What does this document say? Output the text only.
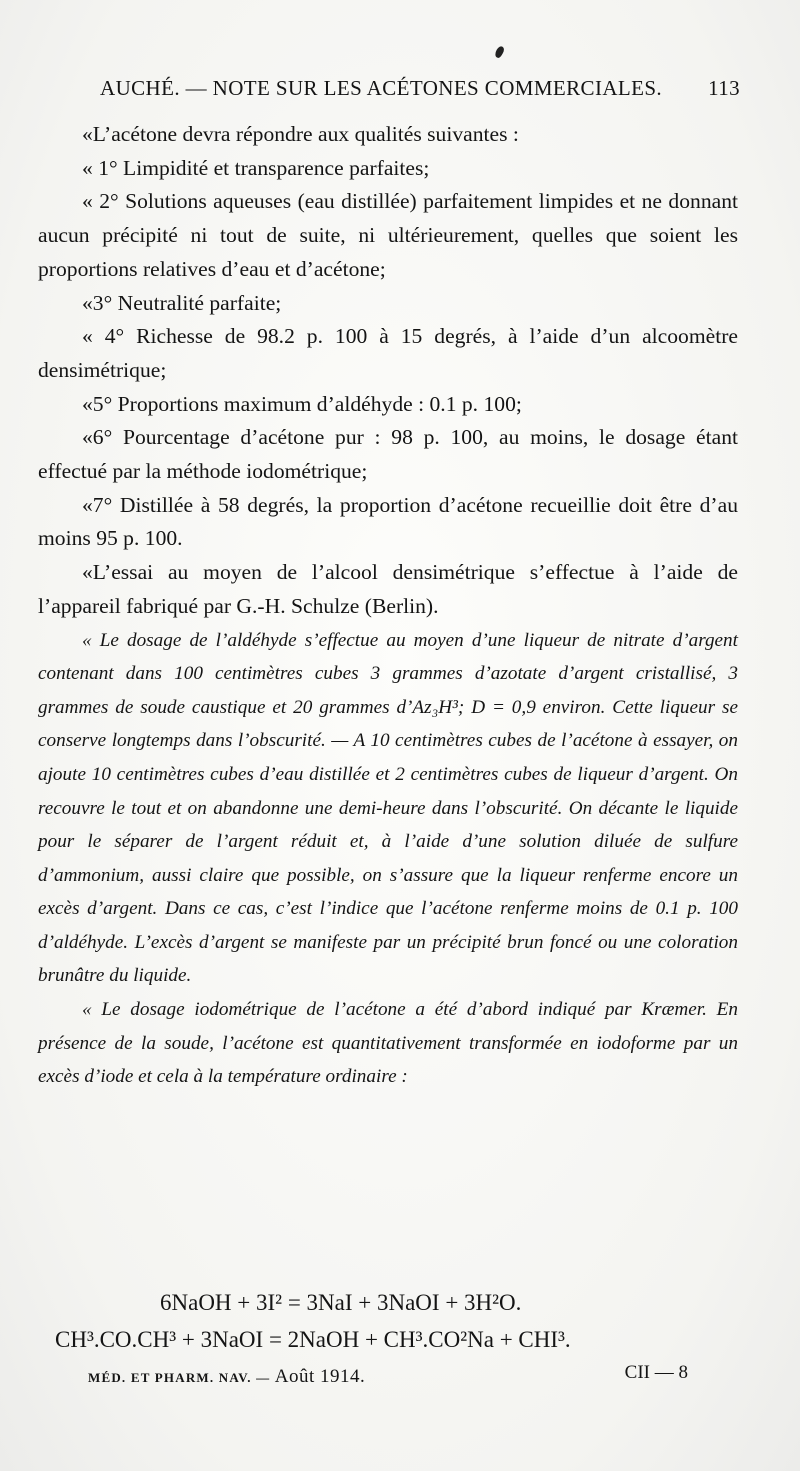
AUCHÉ. — NOTE SUR LES ACÉTONES COMMERCIALES. 113

«L’acétone devra répondre aux qualités suivantes :

« 1° Limpidité et transparence parfaites;

« 2° Solutions aqueuses (eau distillée) parfaitement limpides et ne donnant aucun précipité ni tout de suite, ni ultérieurement, quelles que soient les proportions relatives d’eau et d’acétone;

«3° Neutralité parfaite;

« 4° Richesse de 98.2 p. 100 à 15 degrés, à l’aide d’un alcoomètre densimétrique;

«5° Proportions maximum d’aldéhyde : 0.1 p. 100;

«6° Pourcentage d’acétone pur : 98 p. 100, au moins, le dosage étant effectué par la méthode iodométrique;

«7° Distillée à 58 degrés, la proportion d’acétone recueillie doit être d’au moins 95 p. 100.

«L’essai au moyen de l’alcool densimétrique s’effectue à l’aide de l’appareil fabriqué par G.-H. Schulze (Berlin).

« Le dosage de l’aldéhyde s’effectue au moyen d’une liqueur de nitrate d’argent contenant dans 100 centimètres cubes 3 grammes d’azotate d’argent cristallisé, 3 grammes de soude caustique et 20 grammes d’Az₃H³; D = 0,9 environ. Cette liqueur se conserve longtemps dans l’obscurité. — A 10 centimètres cubes de l’acétone à essayer, on ajoute 10 centimètres cubes d’eau distillée et 2 centimètres cubes de liqueur d’argent. On recouvre le tout et on abandonne une demi-heure dans l’obscurité. On décante le liquide pour le séparer de l’argent réduit et, à l’aide d’une solution diluée de sulfure d’ammonium, aussi claire que possible, on s’assure que la liqueur renferme encore un excès d’argent. Dans ce cas, c’est l’indice que l’acétone renferme moins de 0.1 p. 100 d’aldéhyde. L’excès d’argent se manifeste par un précipité brun foncé ou une coloration brunâtre du liquide.

« Le dosage iodométrique de l’acétone a été d’abord indiqué par Kræmer. En présence de la soude, l’acétone est quantitativement transformée en iodoforme par un excès d’iode et cela à la température ordinaire :

6NaOH + 3I² = 3NaI + 3NaOI + 3H²O.
CH³.CO.CH³ + 3NaOI = 2NaOH + CH³.CO²Na + CHI³.
MÉD. ET PHARM. NAV. — Août 1914.	CII — 8
